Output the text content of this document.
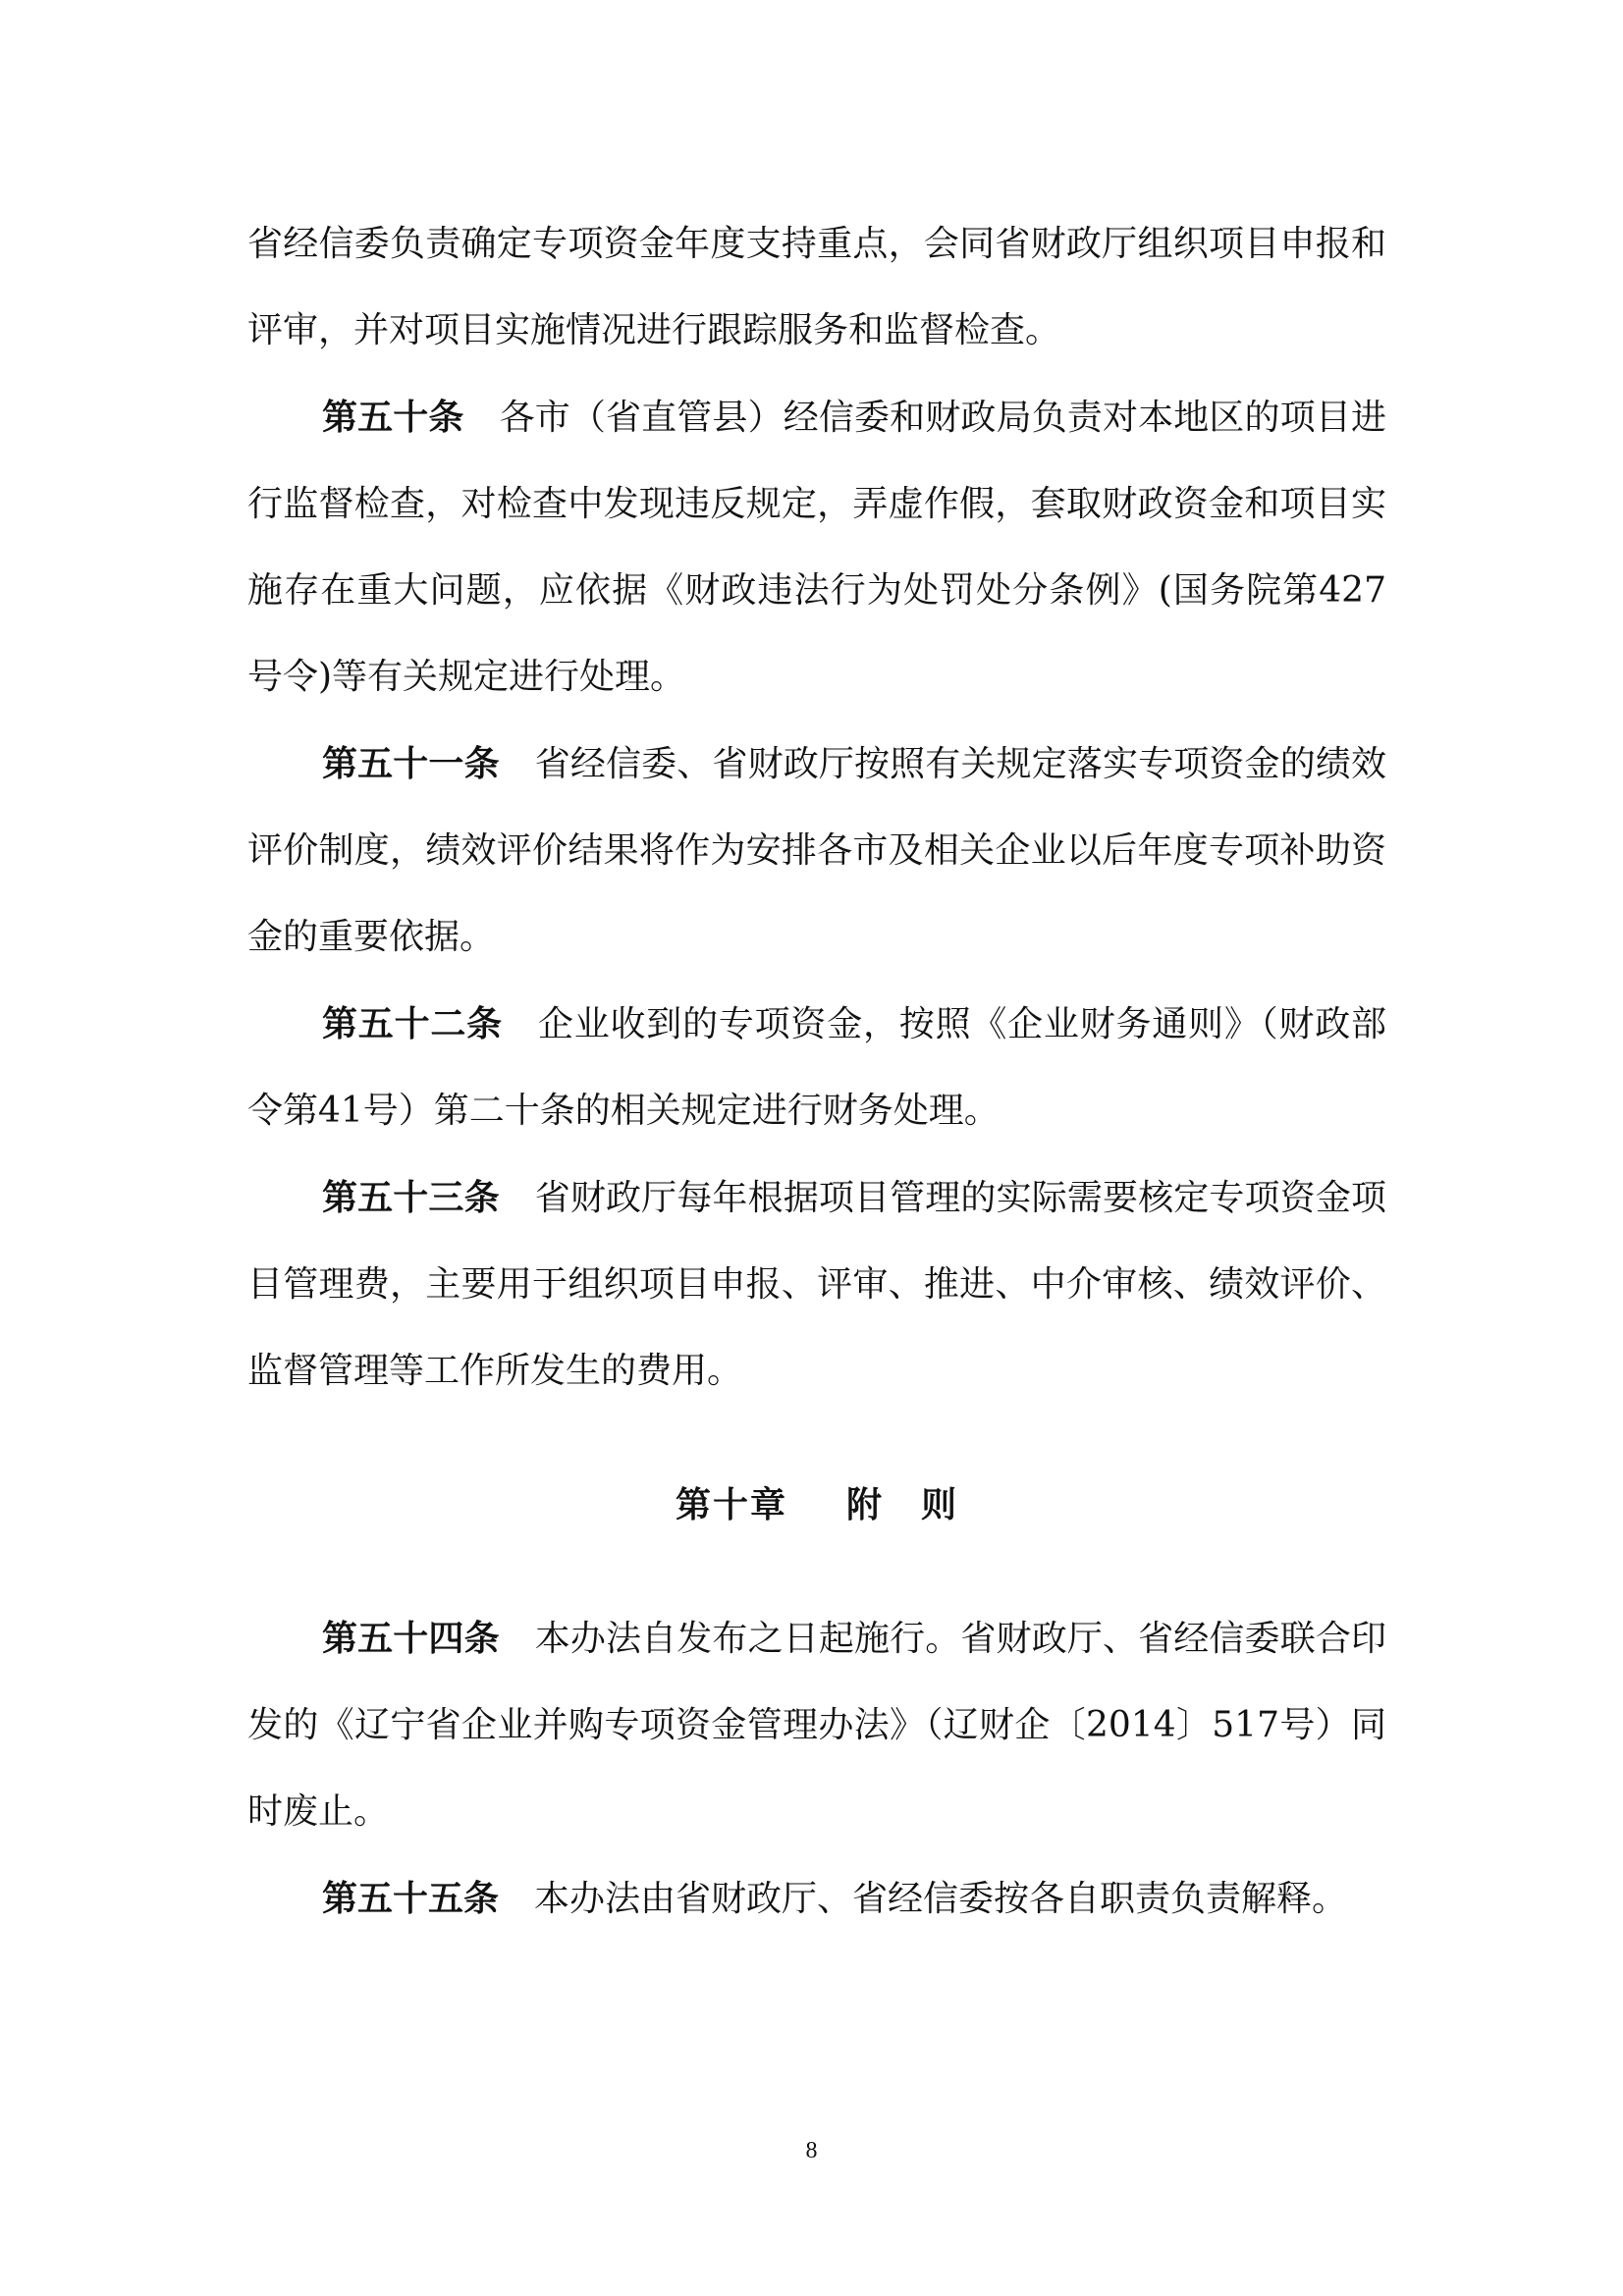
省经信委负责确定专项资金年度支持重点，会同省财政厅组织项目申报和评审，并对项目实施情况进行跟踪服务和监督检查。

第五十条 各市（省直管县）经信委和财政局负责对本地区的项目进行监督检查，对检查中发现违反规定，弄虚作假，套取财政资金和项目实施存在重大问题，应依据《财政违法行为处罚处分条例》(国务院第427号令)等有关规定进行处理。

第五十一条 省经信委、省财政厅按照有关规定落实专项资金的绩效评价制度，绩效评价结果将作为安排各市及相关企业以后年度专项补助资金的重要依据。

第五十二条 企业收到的专项资金，按照《企业财务通则》（财政部令第41号）第二十条的相关规定进行财务处理。

第五十三条 省财政厅每年根据项目管理的实际需要核定专项资金项目管理费，主要用于组织项目申报、评审、推进、中介审核、绩效评价、监督管理等工作所发生的费用。

第十章 附　则

第五十四条 本办法自发布之日起施行。省财政厅、省经信委联合印发的《辽宁省企业并购专项资金管理办法》（辽财企〔2014〕517号）同时废止。

第五十五条 本办法由省财政厅、省经信委按各自职责负责解释。

8
